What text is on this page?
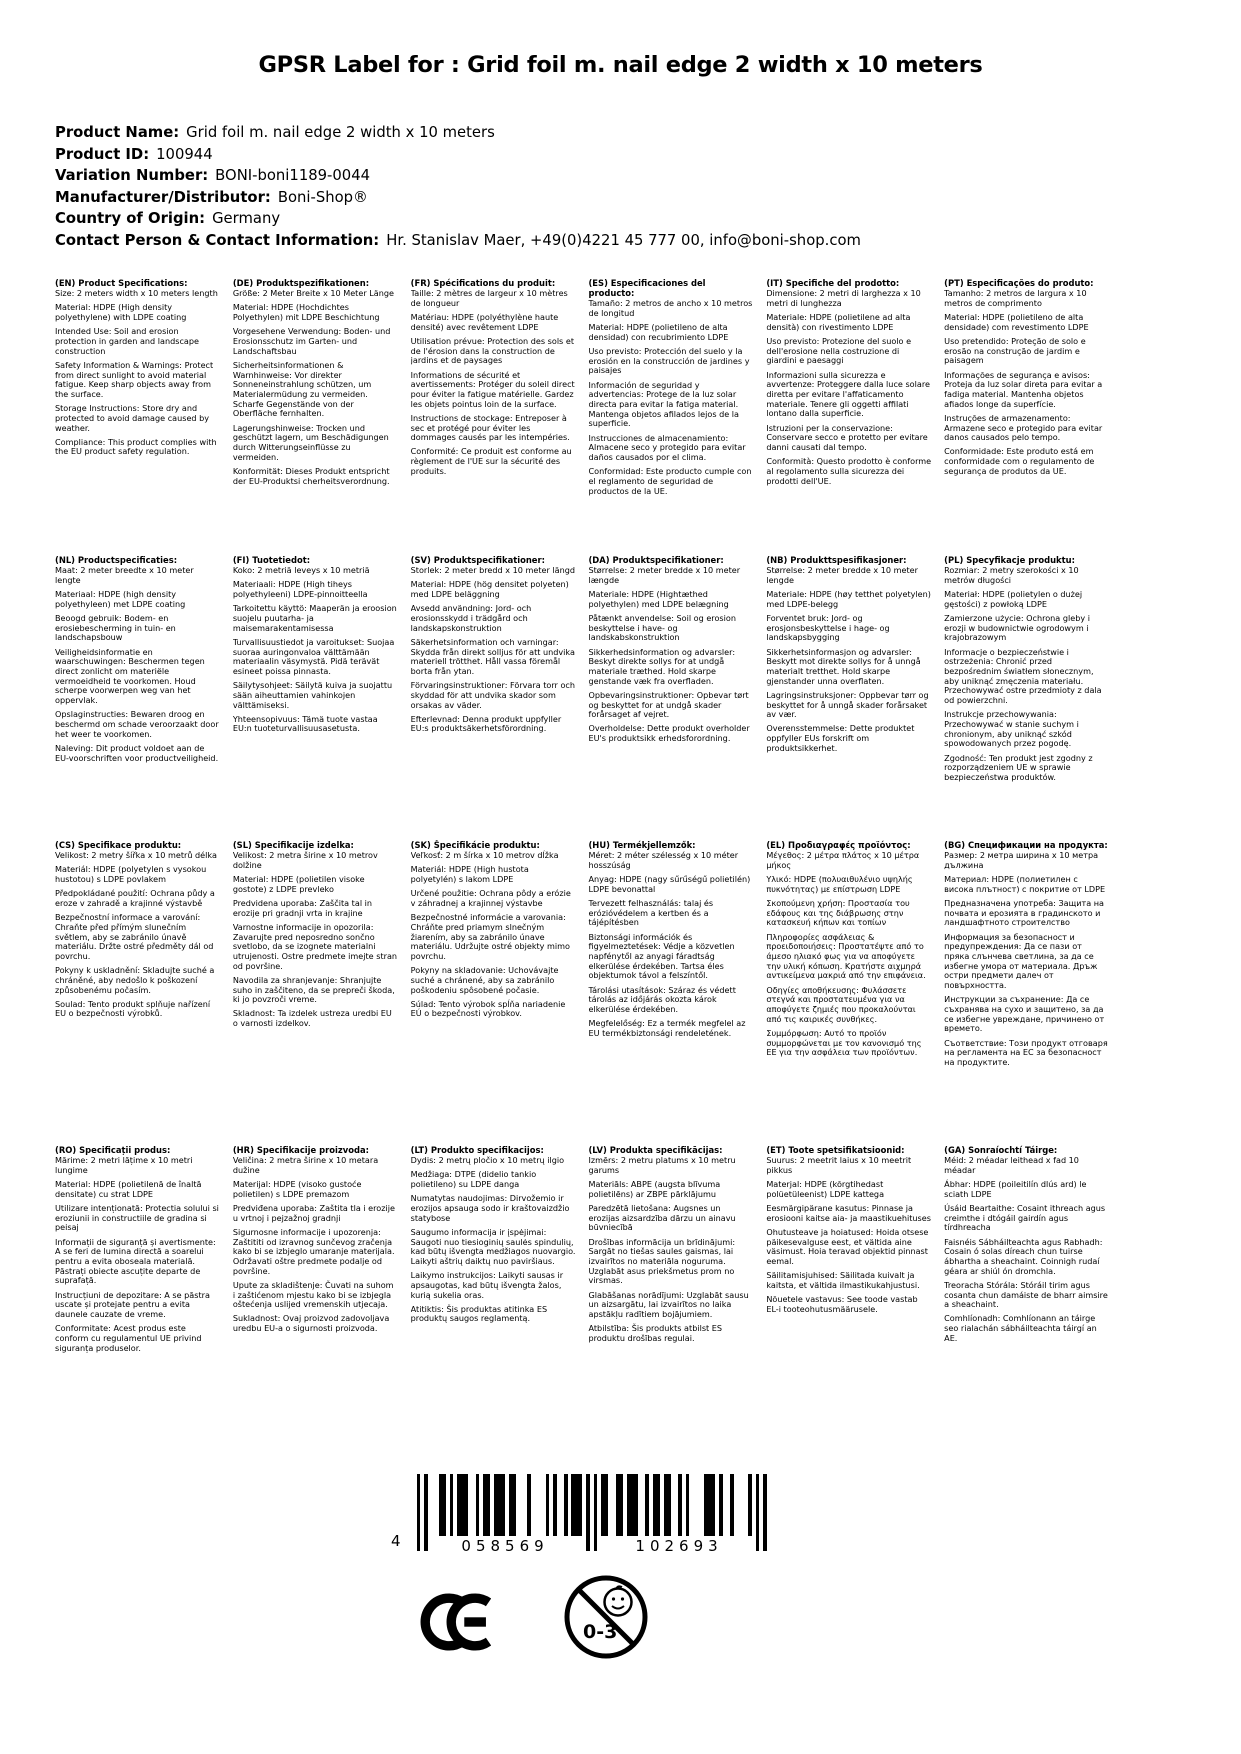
GPSR Label for : Grid foil m. nail edge 2 width x 10 meters
Product Name: Grid foil m. nail edge 2 width x 10 meters
Product ID: 100944
Variation Number: BONI-boni1189-0044
Manufacturer/Distributor: Boni-Shop®
Country of Origin: Germany
Contact Person & Contact Information: Hr. Stanislav Maer, +49(0)4221 45 777 00, info@boni-shop.com
(EN) Product Specifications:

Size: 2 meters width x 10 meters length

Material: HDPE (High density polyethylene) with LDPE coating

Intended Use: Soil and erosion protection in garden and landscape construction

Safety Information & Warnings: Protect from direct sunlight to avoid material fatigue. Keep sharp objects away from the surface.

Storage Instructions: Store dry and protected to avoid damage caused by weather.

Compliance: This product complies with the EU product safety regulation.

(DE) Produktspezifikationen:

Größe: 2 Meter Breite x 10 Meter Länge

Material: HDPE (Hochdichtes Polyethylen) mit LDPE Beschichtung

Vorgesehene Verwendung: Boden- und Erosionsschutz im Garten- und Landschaftsbau

Sicherheitsinformationen & Warnhinweise: Vor direkter Sonneneinstrahlung schützen, um Materialermüdung zu vermeiden. Scharfe Gegenstände von der Oberfläche fernhalten.

Lagerungshinweise: Trocken und geschützt lagern, um Beschädigungen durch Witterungseinflüsse zu vermeiden.

Konformität: Dieses Produkt entspricht der EU-Produktsi cherheitsverordnung.

(FR) Spécifications du produit:

Taille: 2 mètres de largeur x 10 mètres de longueur

Matériau: HDPE (polyéthylène haute densité) avec revêtement LDPE

Utilisation prévue: Protection des sols et de l'érosion dans la construction de jardins et de paysages

Informations de sécurité et avertissements: Protéger du soleil direct pour éviter la fatigue matérielle. Gardez les objets pointus loin de la surface.

Instructions de stockage: Entreposer à sec et protégé pour éviter les dommages causés par les intempéries.

Conformité: Ce produit est conforme au règlement de l'UE sur la sécurité des produits.

(ES) Especificaciones del producto:

Tamaño: 2 metros de ancho x 10 metros de longitud

Material: HDPE (polietileno de alta densidad) con recubrimiento LDPE

Uso previsto: Protección del suelo y la erosión en la construcción de jardines y paisajes

Información de seguridad y advertencias: Protege de la luz solar directa para evitar la fatiga material. Mantenga objetos afilados lejos de la superficie.

Instrucciones de almacenamiento: Almacene seco y protegido para evitar daños causados por el clima.

Conformidad: Este producto cumple con el reglamento de seguridad de productos de la UE.

(IT) Specifiche del prodotto:

Dimensione: 2 metri di larghezza x 10 metri di lunghezza

Materiale: HDPE (polietilene ad alta densità) con rivestimento LDPE

Uso previsto: Protezione del suolo e dell'erosione nella costruzione di giardini e paesaggi

Informazioni sulla sicurezza e avvertenze: Proteggere dalla luce solare diretta per evitare l'affaticamento materiale. Tenere gli oggetti affilati lontano dalla superficie.

Istruzioni per la conservazione: Conservare secco e protetto per evitare danni causati dal tempo.

Conformità: Questo prodotto è conforme al regolamento sulla sicurezza dei prodotti dell'UE.

(PT) Especificações do produto:

Tamanho: 2 metros de largura x 10 metros de comprimento

Material: HDPE (polietileno de alta densidade) com revestimento LDPE

Uso pretendido: Proteção de solo e erosão na construção de jardim e paisagem

Informações de segurança e avisos: Proteja da luz solar direta para evitar a fadiga material. Mantenha objetos afiados longe da superfície.

Instruções de armazenamento: Armazene seco e protegido para evitar danos causados pelo tempo.

Conformidade: Este produto está em conformidade com o regulamento de segurança de produtos da UE.

(NL) Productspecificaties:

Maat: 2 meter breedte x 10 meter lengte

Materiaal: HDPE (high density polyethyleen) met LDPE coating

Beoogd gebruik: Bodem- en erosiebescherming in tuin- en landschapsbouw

Veiligheidsinformatie en waarschuwingen: Beschermen tegen direct zonlicht om materiële vermoeidheid te voorkomen. Houd scherpe voorwerpen weg van het oppervlak.

Opslaginstructies: Bewaren droog en beschermd om schade veroorzaakt door het weer te voorkomen.

Naleving: Dit product voldoet aan de EU-voorschriften voor productveiligheid.

(FI) Tuotetiedot:

Koko: 2 metriä leveys x 10 metriä

Materiaali: HDPE (High tiheys polyethyleeni) LDPE-pinnoitteella

Tarkoitettu käyttö: Maaperän ja eroosion suojelu puutarha- ja maisemarakentamisessa

Turvallisuustiedot ja varoitukset: Suojaa suoraa auringonvaloa välttämään materiaalin väsymystä. Pidä terävät esineet poissa pinnasta.

Säilytysohjeet: Säilytä kuiva ja suojattu sään aiheuttamien vahinkojen välttämiseksi.

Yhteensopivuus: Tämä tuote vastaa EU:n tuoteturvallisuusasetusta.

(SV) Produktspecifikationer:

Storlek: 2 meter bredd x 10 meter längd

Material: HDPE (hög densitet polyeten) med LDPE beläggning

Avsedd användning: Jord- och erosionsskydd i trädgård och landskapskonstruktion

Säkerhetsinformation och varningar: Skydda från direkt solljus för att undvika materiell trötthet. Håll vassa föremål borta från ytan.

Förvaringsinstruktioner: Förvara torr och skyddad för att undvika skador som orsakas av väder.

Efterlevnad: Denna produkt uppfyller EU:s produktsäkerhetsförordning.

(DA) Produktspecifikationer:

Størrelse: 2 meter bredde x 10 meter længde

Materiale: HDPE (Hightæthed polyethylen) med LDPE belægning

Påtænkt anvendelse: Soil og erosion beskyttelse i have- og landskabskonstruktion

Sikkerhedsinformation og advarsler: Beskyt direkte sollys for at undgå materiale træthed. Hold skarpe genstande væk fra overfladen.

Opbevaringsinstruktioner: Opbevar tørt og beskyttet for at undgå skader forårsaget af vejret.

Overholdelse: Dette produkt overholder EU's produktsikk erhedsforordning.

(NB) Produkttspesifikasjoner:

Størrelse: 2 meter bredde x 10 meter lengde

Materiale: HDPE (høy tetthet polyetylen) med LDPE-belegg

Forventet bruk: Jord- og erosjonsbeskyttelse i hage- og landskapsbygging

Sikkerhetsinformasjon og advarsler: Beskytt mot direkte sollys for å unngå materialt tretthet. Hold skarpe gjenstander unna overflaten.

Lagringsinstruksjoner: Oppbevar tørr og beskyttet for å unngå skader forårsaket av vær.

Overensstemmelse: Dette produktet oppfyller EUs forskrift om produktsikkerhet.

(PL) Specyfikacje produktu:

Rozmiar: 2 metry szerokości x 10 metrów długości

Materiał: HDPE (polietylen o dużej gęstości) z powłoką LDPE

Zamierzone użycie: Ochrona gleby i erozji w budownictwie ogrodowym i krajobrazowym

Informacje o bezpieczeństwie i ostrzeżenia: Chronić przed bezpośrednim światłem słonecznym, aby uniknąć zmęczenia materiału. Przechowywać ostre przedmioty z dala od powierzchni.

Instrukcje przechowywania: Przechowywać w stanie suchym i chronionym, aby uniknąć szkód spowodowanych przez pogodę.

Zgodność: Ten produkt jest zgodny z rozporządzeniem UE w sprawie bezpieczeństwa produktów.

(CS) Specifikace produktu:

Velikost: 2 metry šířka x 10 metrů délka

Materiál: HDPE (polyetylen s vysokou hustotou) s LDPE povlakem

Předpokládané použití: Ochrana půdy a eroze v zahradě a krajinné výstavbě

Bezpečnostní informace a varování: Chraňte před přímým slunečním světlem, aby se zabránilo únavě materiálu. Držte ostré předměty dál od povrchu.

Pokyny k uskladnění: Skladujte suché a chráněné, aby nedošlo k poškození způsobenému počasím.

Soulad: Tento produkt splňuje nařízení EU o bezpečnosti výrobků.

(SL) Specifikacije izdelka:

Velikost: 2 metra širine x 10 metrov dolžine

Material: HDPE (polietilen visoke gostote) z LDPE prevleko

Predvidena uporaba: Zaščita tal in erozije pri gradnji vrta in krajine

Varnostne informacije in opozorila: Zavarujte pred neposredno sončno svetlobo, da se izognete materialni utrujenosti. Ostre predmete imejte stran od površine.

Navodila za shranjevanje: Shranjujte suho in zaščiteno, da se prepreči škoda, ki jo povzroči vreme.

Skladnost: Ta izdelek ustreza uredbi EU o varnosti izdelkov.

(SK) Špecifikácie produktu:

Veľkosť: 2 m šírka x 10 metrov dĺžka

Materiál: HDPE (High hustota polyetylén) s lakom LDPE

Určené použitie: Ochrana pôdy a erózie v záhradnej a krajinnej výstavbe

Bezpečnostné informácie a varovania: Chráňte pred priamym slnečným žiarením, aby sa zabránilo únave materiálu. Udržujte ostré objekty mimo povrchu.

Pokyny na skladovanie: Uchovávajte suché a chránené, aby sa zabránilo poškodeniu spôsobené počasie.

Súlad: Tento výrobok spĺňa nariadenie EÚ o bezpečnosti výrobkov.

(HU) Termékjellemzők:

Méret: 2 méter szélesség x 10 méter hosszúság

Anyag: HDPE (nagy sűrűségű polietilén) LDPE bevonattal

Tervezett felhasználás: talaj és erózióvédelem a kertben és a tájépítésben

Biztonsági információk és figyelmeztetések: Védje a közvetlen napfénytől az anyagi fáradtság elkerülése érdekében. Tartsa éles objektumok távol a felszíntől.

Tárolási utasítások: Száraz és védett tárolás az időjárás okozta károk elkerülése érdekében.

Megfelelőség: Ez a termék megfelel az EU termékbiztonsági rendeletének.

(EL) Προδιαγραφές προϊόντος:

Μέγεθος: 2 μέτρα πλάτος x 10 μέτρα μήκος

Υλικό: HDPE (πολυαιθυλένιο υψηλής πυκνότητας) με επίστρωση LDPE

Σκοπούμενη χρήση: Προστασία του εδάφους και της διάβρωσης στην κατασκευή κήπων και τοπίων

Πληροφορίες ασφάλειας & προειδοποιήσεις: Προστατέψτε από το άμεσο ηλιακό φως για να αποφύγετε την υλική κόπωση. Κρατήστε αιχμηρά αντικείμενα μακριά από την επιφάνεια.

Οδηγίες αποθήκευσης: Φυλάσσετε στεγνά και προστατευμένα για να αποφύγετε ζημιές που προκαλούνται από τις καιρικές συνθήκες.

Συμμόρφωση: Αυτό το προϊόν συμμορφώνεται με τον κανονισμό της ΕΕ για την ασφάλεια των προϊόντων.

(BG) Спецификации на продукта:

Размер: 2 метра ширина x 10 метра дължина

Материал: HDPE (полиетилен с висока плътност) с покритие от LDPE

Предназначена употреба: Защита на почвата и ерозията в градинското и ландшафтното строителство

Информация за безопасност и предупреждения: Да се пази от пряка слънчева светлина, за да се избегне умора от материала. Дръж остри предмети далеч от повърхността.

Инструкции за съхранение: Да се съхранява на сухо и защитено, за да се избегне увреждане, причинено от времето.

Съответствие: Този продукт отговаря на регламента на ЕС за безопасност на продуктите.

(RO) Specificații produs:

Mărime: 2 metri lățime x 10 metri lungime

Material: HDPE (polietilenă de înaltă densitate) cu strat LDPE

Utilizare intenționată: Protectia solului si eroziunii in constructiile de gradina si peisaj

Informații de siguranță și avertismente: A se feri de lumina directă a soarelui pentru a evita oboseala materială. Păstrați obiecte ascuțite departe de suprafață.

Instrucțiuni de depozitare: A se păstra uscate și protejate pentru a evita daunele cauzate de vreme.

Conformitate: Acest produs este conform cu regulamentul UE privind siguranța produselor.

(HR) Specifikacije proizvoda:

Veličina: 2 metra širine x 10 metara dužine

Materijal: HDPE (visoko gustoće polietilen) s LDPE premazom

Predviđena uporaba: Zaštita tla i erozije u vrtnoj i pejzažnoj gradnji

Sigurnosne informacije i upozorenja: Zaštititi od izravnog sunčevog zračenja kako bi se izbjeglo umaranje materijala. Održavati oštre predmete podalje od površine.

Upute za skladištenje: Čuvati na suhom i zaštićenom mjestu kako bi se izbjegla oštećenja uslijed vremenskih utjecaja.

Sukladnost: Ovaj proizvod zadovoljava uredbu EU-a o sigurnosti proizvoda.

(LT) Produkto specifikacijos:

Dydis: 2 metrų pločio x 10 metrų ilgio

Medžiaga: DTPE (didelio tankio polietileno) su LDPE danga

Numatytas naudojimas: Dirvožemio ir erozijos apsauga sodo ir kraštovaizdžio statybose

Saugumo informacija ir įspėjimai: Saugoti nuo tiesioginių saulės spindulių, kad būtų išvengta medžiagos nuovargio. Laikyti aštrių daiktų nuo paviršiaus.

Laikymo instrukcijos: Laikyti sausas ir apsaugotas, kad būtų išvengta žalos, kurią sukelia oras.

Atitiktis: Šis produktas atitinka ES produktų saugos reglamentą.

(LV) Produkta specifikācijas:

Izmērs: 2 metru platums x 10 metru garums

Materiāls: ABPE (augsta blīvuma polietilēns) ar ZBPE pārklājumu

Paredzētā lietošana: Augsnes un erozijas aizsardzība dārzu un ainavu būvniecībā

Drošības informācija un brīdinājumi: Sargāt no tiešas saules gaismas, lai izvairītos no materiāla noguruma. Uzglabāt asus priekšmetus prom no virsmas.

Glabāšanas norādījumi: Uzglabāt sausu un aizsargātu, lai izvairītos no laika apstākļu radītiem bojājumiem.

Atbilstība: Šis produkts atbilst ES produktu drošības regulai.

(ET) Toote spetsifikatsioonid:

Suurus: 2 meetrit laius x 10 meetrit pikkus

Materjal: HDPE (kõrgtihedast polüetüleenist) LDPE kattega

Eesmärgipärane kasutus: Pinnase ja erosiooni kaitse aia- ja maastikuehituses

Ohutusteave ja hoiatused: Hoida otsese päikesevalguse eest, et vältida aine väsimust. Hoia teravad objektid pinnast eemal.

Säilitamisjuhised: Säilitada kuivalt ja kaitsta, et vältida ilmastikukahjustusi.

Nõuetele vastavus: See toode vastab EL-i tooteohutusmäärusele.

(GA) Sonraíochtí Táirge:

Méid: 2 méadar leithead x fad 10 méadar

Ábhar: HDPE (poileitilín dlús ard) le sciath LDPE

Úsáid Beartaithe: Cosaint ithreach agus creimthe i dtógáil gairdín agus tírdhreacha

Faisnéis Sábháilteachta agus Rabhadh: Cosain ó solas díreach chun tuirse ábhartha a sheachaint. Coinnigh rudaí géara ar shiúl ón dromchla.

Treoracha Stórála: Stóráil tirim agus cosanta chun damáiste de bharr aimsire a sheachaint.

Comhlíonadh: Comhlíonann an táirge seo rialachán sábháilteachta táirgí an AE.

4	058569	102693
0-3
